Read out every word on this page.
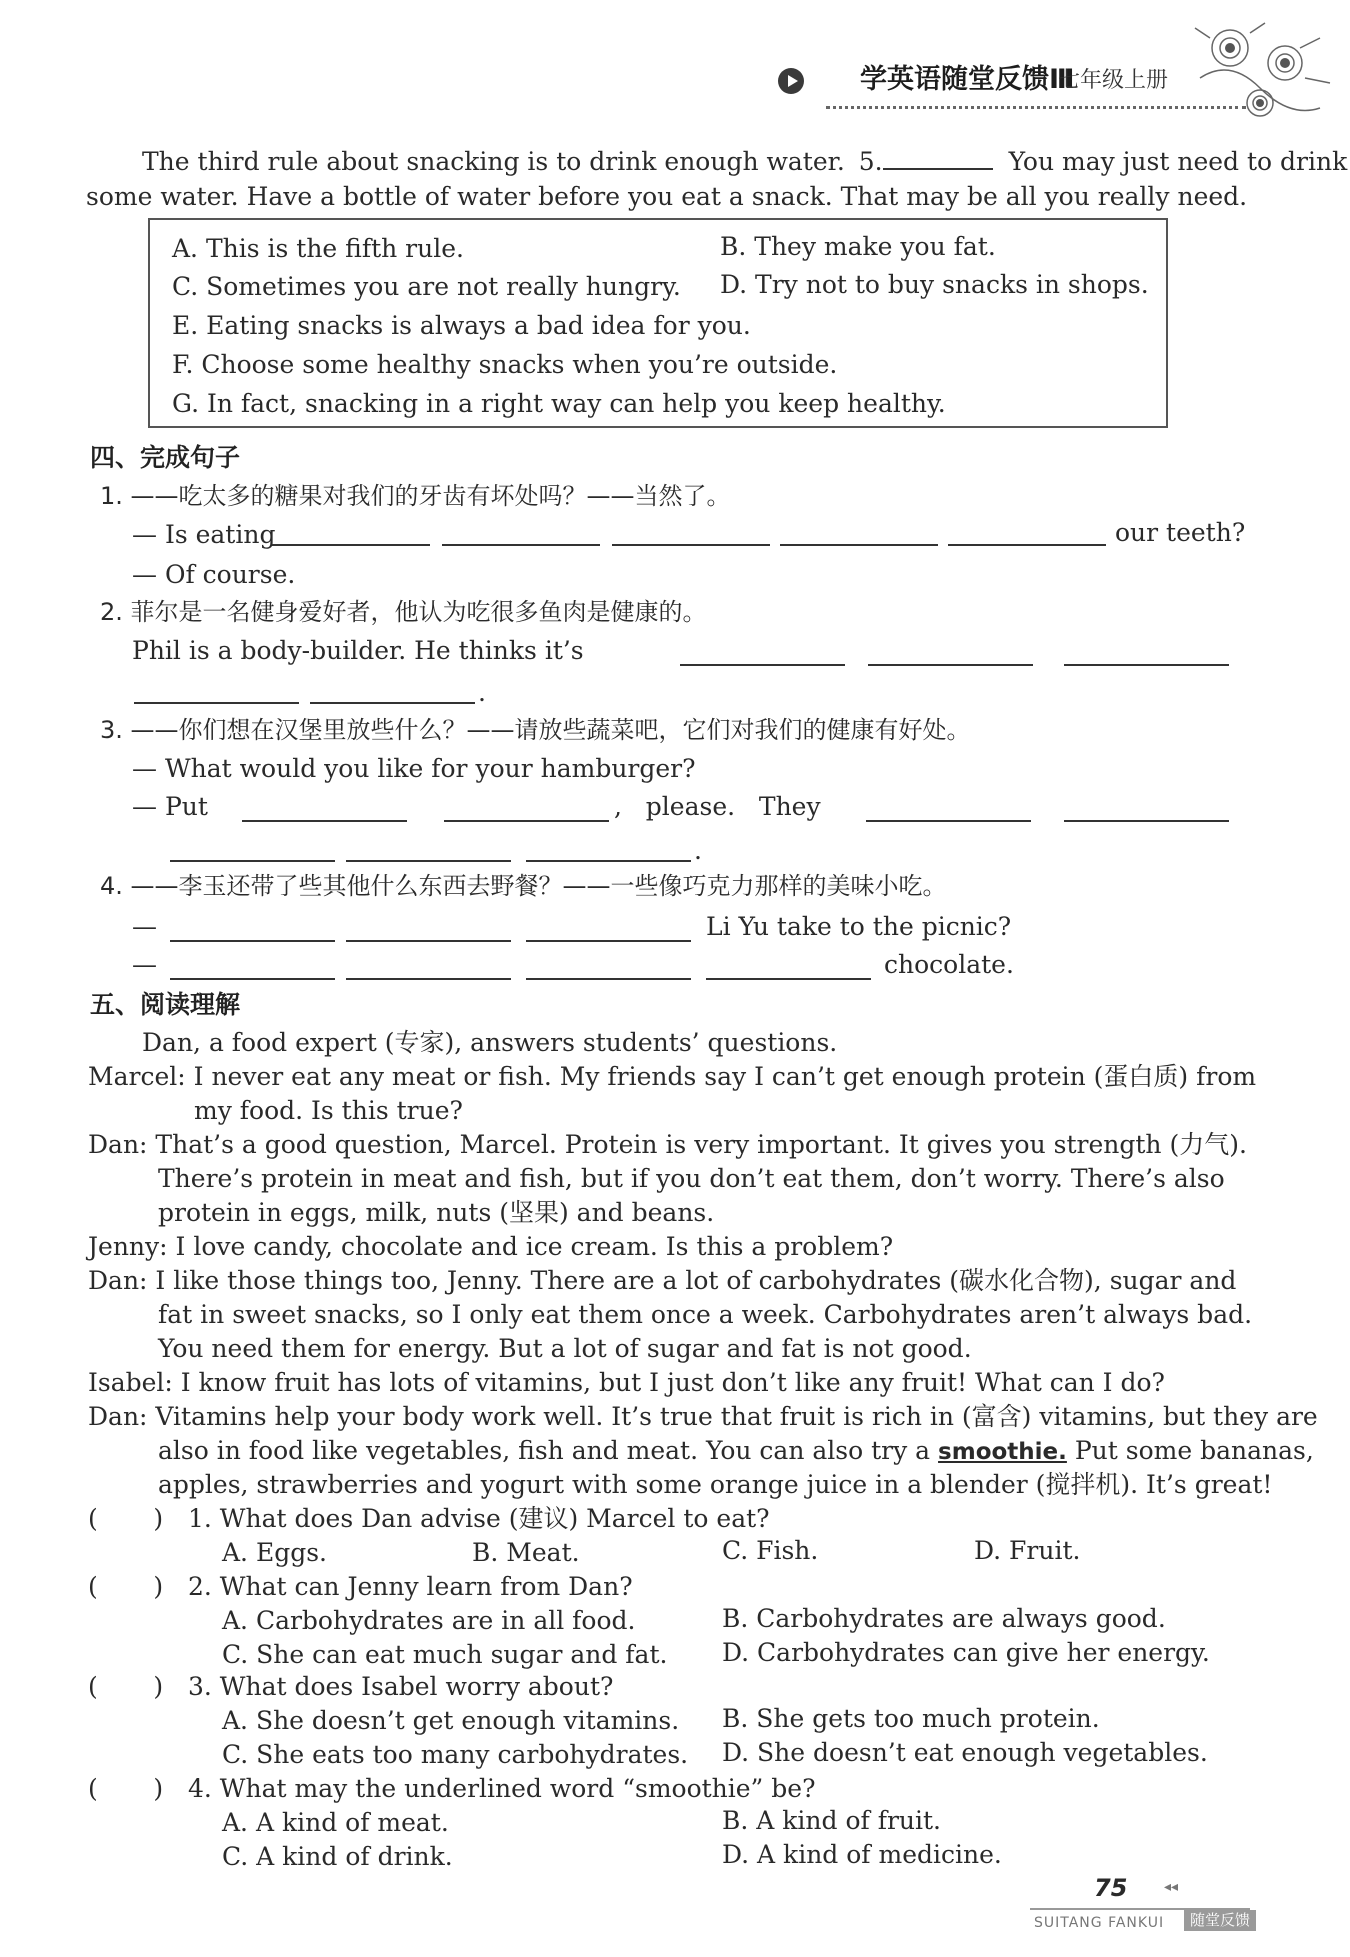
学英语随堂反馈Ⅲ
七年级上册
The third rule about snacking is to drink enough water. 5.	You may just need to drink
some water. Have a bottle of water before you eat a snack. That may be all you really need.
A. This is the fifth rule.	B. They make you fat.
C. Sometimes you are not really hungry. D. Try not to buy snacks in shops.
E. Eating snacks is always a bad idea for you.
F. Choose some healthy snacks when you’re outside.
G. In fact, snacking in a right way can help you keep healthy.
四、完成句子
1. ——吃太多的糖果对我们的牙齿有坏处吗？——当然了。
— Is eating	our teeth?
— Of course.
2. 菲尔是一名健身爱好者，他认为吃很多鱼肉是健康的。
Phil is a body-builder. He thinks it’s
.
3. ——你们想在汉堡里放些什么？——请放些蔬菜吧，它们对我们的健康有好处。
— What would you like for your hamburger?
— Put	,   please.   They
.
4. ——李玉还带了些其他什么东西去野餐？——一些像巧克力那样的美味小吃。
—	Li Yu take to the picnic?
—	chocolate.
五、阅读理解
Dan, a food expert (专家), answers students’ questions.
Marcel: I never eat any meat or fish. My friends say I can’t get enough protein (蛋白质) from
my food. Is this true?
Dan: That’s a good question, Marcel. Protein is very important. It gives you strength (力气).
There’s protein in meat and fish, but if you don’t eat them, don’t worry. There’s also
protein in eggs, milk, nuts (坚果) and beans.
Jenny: I love candy, chocolate and ice cream. Is this a problem?
Dan: I like those things too, Jenny. There are a lot of carbohydrates (碳水化合物), sugar and
fat in sweet snacks, so I only eat them once a week. Carbohydrates aren’t always bad.
You need them for energy. But a lot of sugar and fat is not good.
Isabel: I know fruit has lots of vitamins, but I just don’t like any fruit! What can I do?
Dan: Vitamins help your body work well. It’s true that fruit is rich in (富含) vitamins, but they are
also in food like vegetables, fish and meat. You can also try a smoothie. Put some bananas,
apples, strawberries and yogurt with some orange juice in a blender (搅拌机). It’s great!
(       ) 1. What does Dan advise (建议) Marcel to eat?
A. Eggs.	B. Meat.	C. Fish.	D. Fruit.
(       ) 2. What can Jenny learn from Dan?
A. Carbohydrates are in all food.	B. Carbohydrates are always good.
C. She can eat much sugar and fat. D. Carbohydrates can give her energy.
(       ) 3. What does Isabel worry about?
A. She doesn’t get enough vitamins. B. She gets too much protein.
C. She eats too many carbohydrates. D. She doesn’t eat enough vegetables.
(       ) 4. What may the underlined word “smoothie” be?
A. A kind of meat.	B. A kind of fruit.
C. A kind of drink.	D. A kind of medicine.
75	◂◂
SUITANG FANKUI	随堂反馈
